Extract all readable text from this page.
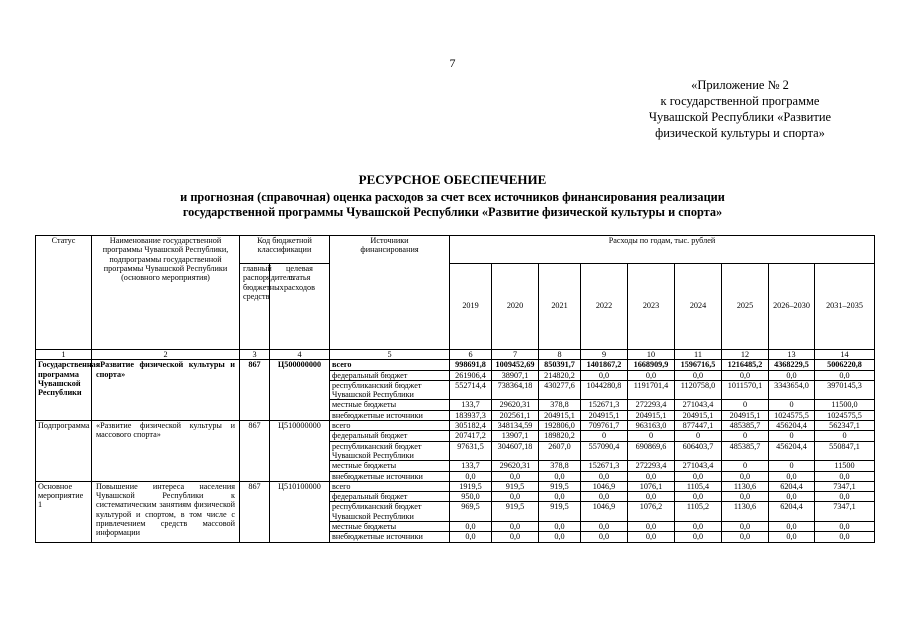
7
«Приложение № 2
к государственной программе
Чувашской Республики «Развитие
физической культуры и спорта»
РЕСУРСНОЕ ОБЕСПЕЧЕНИЕ
и прогнозная (справочная) оценка расходов за счет всех источников финансирования реализации
государственной программы Чувашской Республики «Развитие физической культуры и спорта»
Статус	Наименование государственной программы Чувашской Республики, подпрограммы государственной программы Чувашской Республики (основного мероприятия)	Код бюджетной классификации		Источники финансирования	Расходы по годам, тыс. рублей								
		главный распорядитель бюджетных средств	целевая статья расходов		2019	2020	2021	2022	2023	2024	2025	2026–2030	2031–2035
1	2	3	4	5	6	7	8	9	10	11	12	13	14
Государственная программа Чувашской Республики	«Развитие физической культуры и спорта»	867	Ц500000000	всего	998691,8	1009452,69	850391,7	1401867,2	1668909,9	1596716,5	1216485,2	4368229,5	5006220,8
				федеральный бюджет	261906,4	38907,1	214820,2	0,0	0,0	0,0	0,0	0,0	0,0
				республиканский бюджет Чувашской Республики	552714,4	738364,18	430277,6	1044280,8	1191701,4	1120758,0	1011570,1	3343654,0	3970145,3
				местные бюджеты	133,7	29620,31	378,8	152671,3	272293,4	271043,4	0	0	11500,0
				внебюджетные источники	183937,3	202561,1	204915,1	204915,1	204915,1	204915,1	204915,1	1024575,5	1024575,5
Подпрограмма	«Развитие физической культуры и массового спорта»	867	Ц510000000	всего	305182,4	348134,59	192806,0	709761,7	963163,0	877447,1	485385,7	456204,4	562347,1
				федеральный бюджет	207417,2	13907,1	189820,2	0	0	0	0	0	0
				республиканский бюджет Чувашской Республики	97631,5	304607,18	2607,0	557090,4	690869,6	606403,7	485385,7	456204,4	550847,1
				местные бюджеты	133,7	29620,31	378,8	152671,3	272293,4	271043,4	0	0	11500
				внебюджетные источники	0,0	0,0	0,0	0,0	0,0	0,0	0,0	0,0	0,0
Основное мероприятие 1	Повышение интереса населения Чувашской Республики к систематическим занятиям физической культурой и спортом, в том числе с привлечением средств массовой информации	867	Ц510100000	всего	1919,5	919,5	919,5	1046,9	1076,1	1105,4	1130,6	6204,4	7347,1
				федеральный бюджет	950,0	0,0	0,0	0,0	0,0	0,0	0,0	0,0	0,0
				республиканский бюджет Чувашской Республики	969,5	919,5	919,5	1046,9	1076,2	1105,2	1130,6	6204,4	7347,1
				местные бюджеты	0,0	0,0	0,0	0,0	0,0	0,0	0,0	0,0	0,0
				внебюджетные источники	0,0	0,0	0,0	0,0	0,0	0,0	0,0	0,0	0,0
